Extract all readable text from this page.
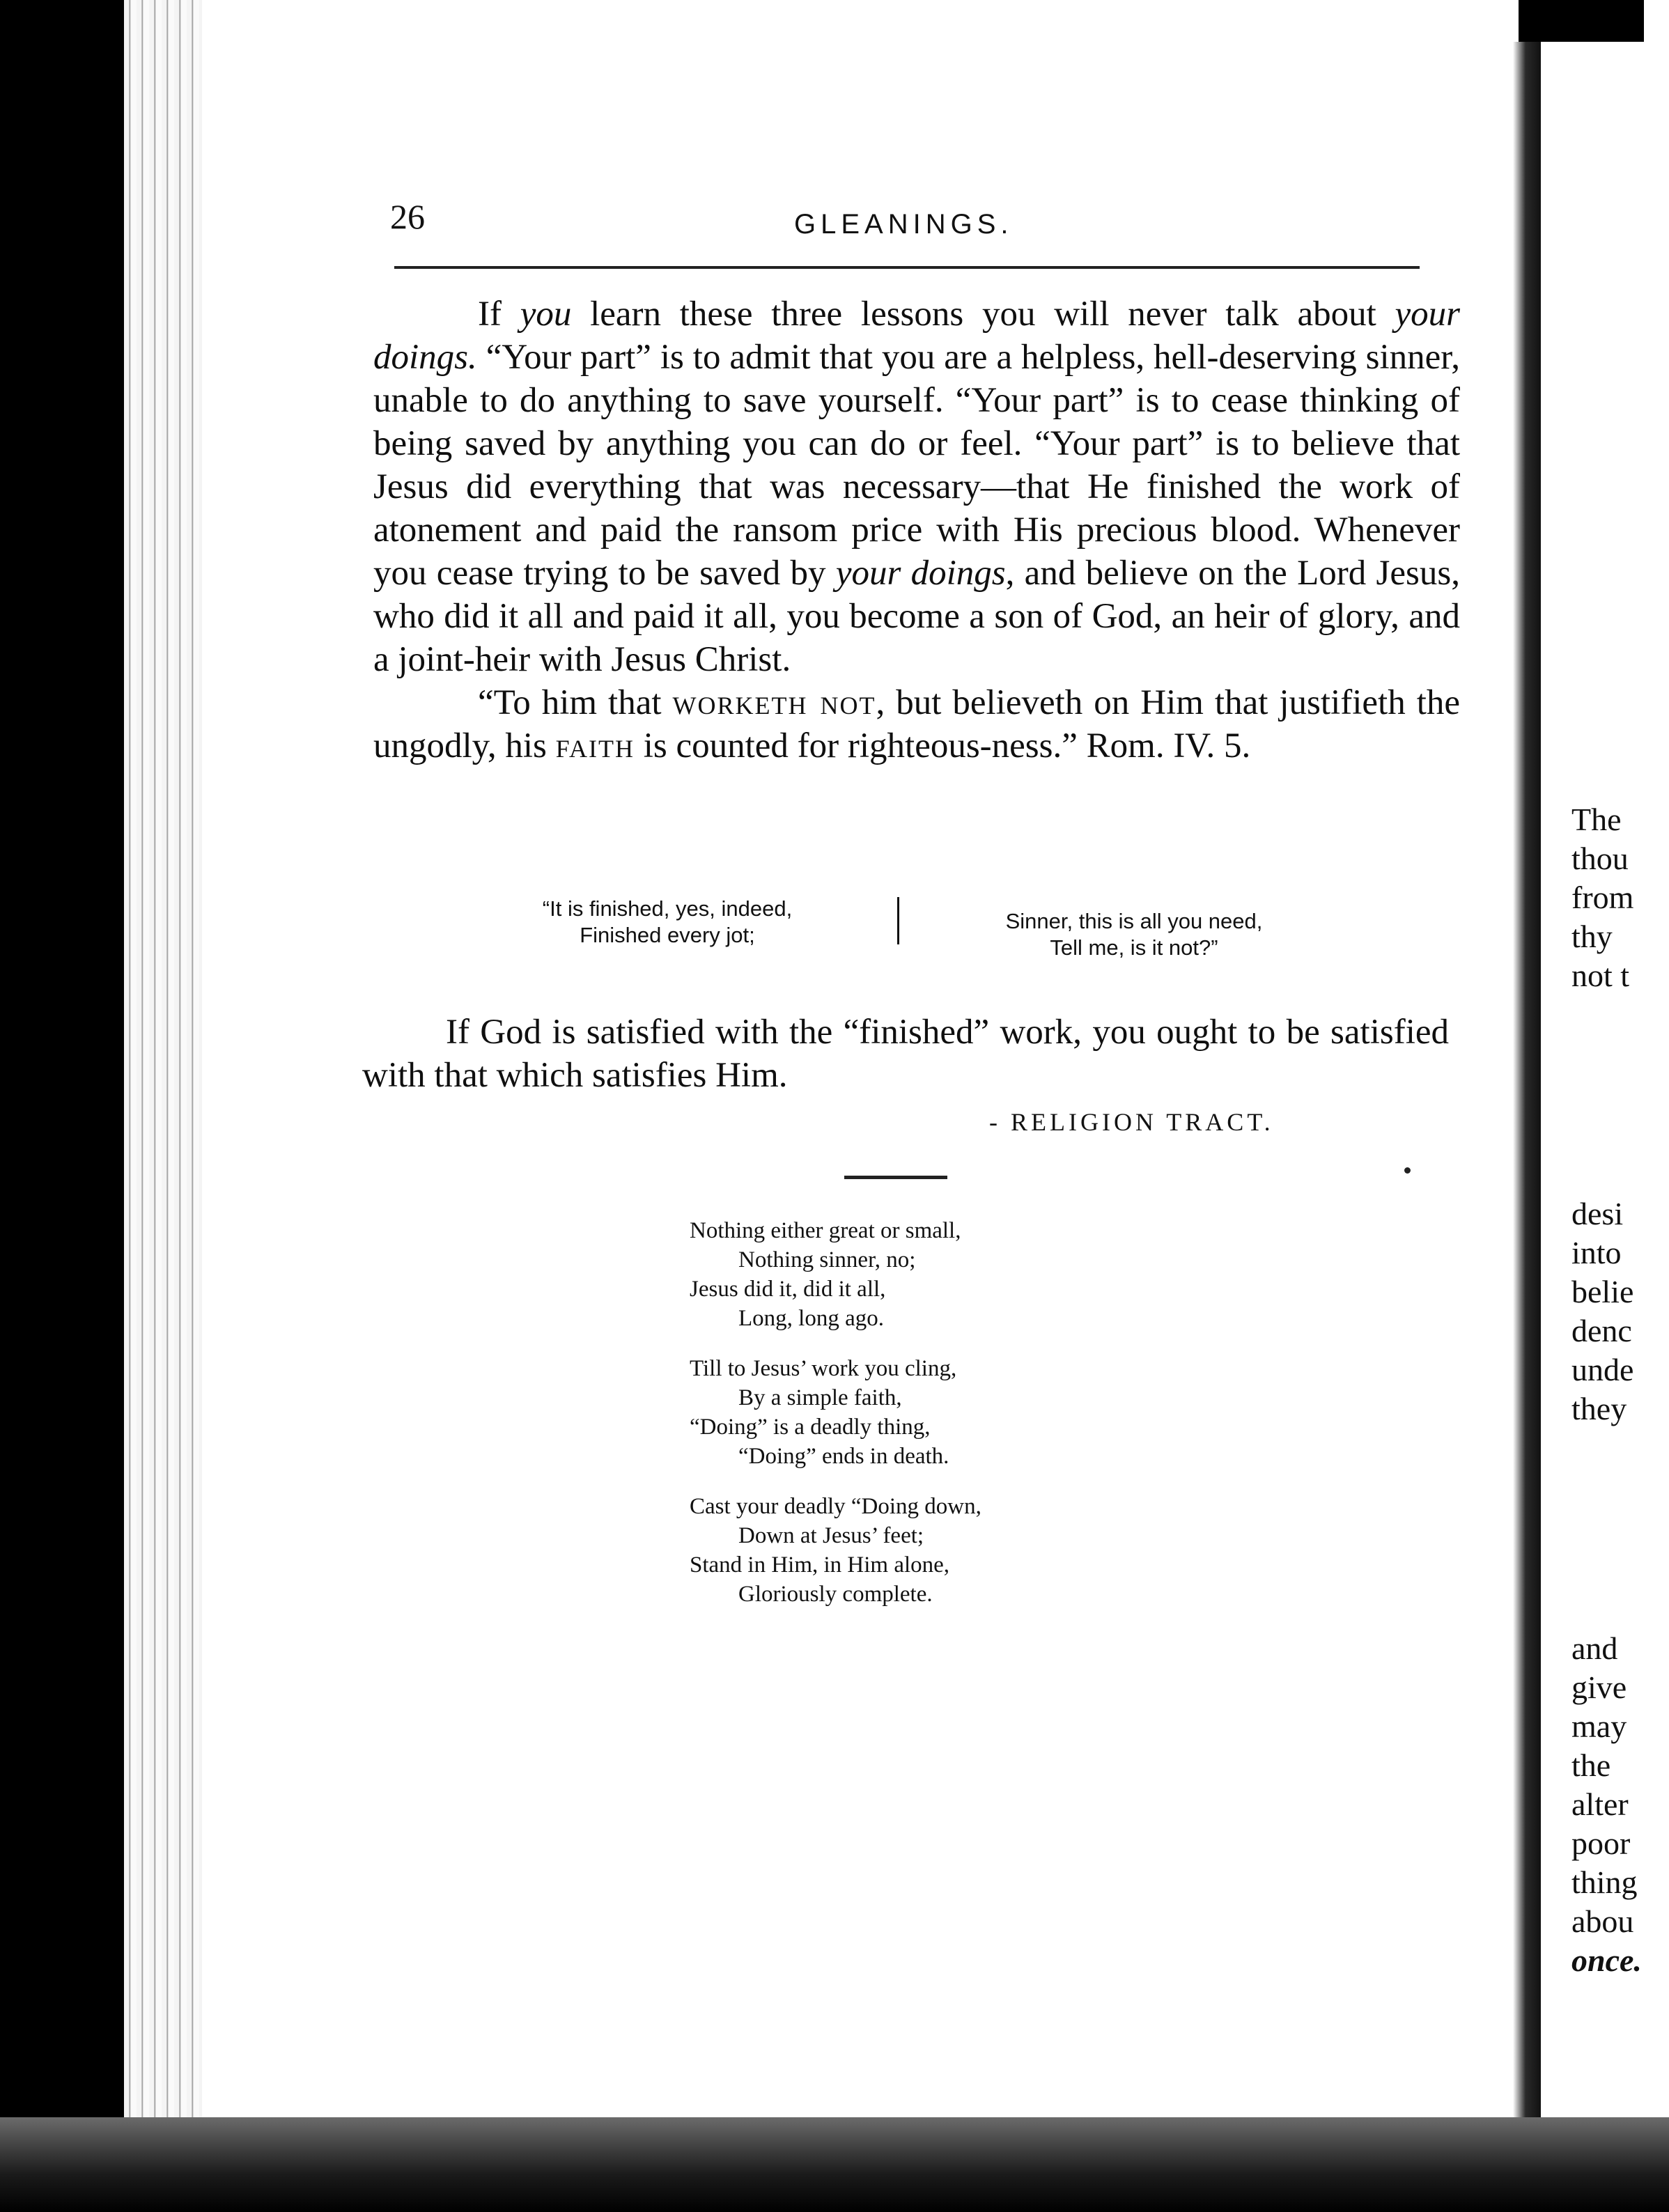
The
thou
from
thy
not t
desi
into
belie
denc
unde
they
and
give
may
the
alter
poor
thing
abou
once.
26	GLEANINGS.

If you learn these three lessons you will never talk about your doings. “Your part” is to admit that you are a helpless, hell-deserving sinner, unable to do anything to save yourself. “Your part” is to cease thinking of being saved by anything you can do or feel. “Your part” is to believe that Jesus did everything that was necessary—that He finished the work of atonement and paid the ransom price with His precious blood. Whenever you cease trying to be saved by your doings, and believe on the Lord Jesus, who did it all and paid it all, you become a son of God, an heir of glory, and a joint-heir with Jesus Christ.

“To him that worketh not, but believeth on Him that justifieth the ungodly, his faith is counted for righteous-ness.” Rom. IV. 5.

“It is finished, yes, indeed,
Finished every jot;
Sinner, this is all you need,
Tell me, is it not?”

If God is satisfied with the “finished” work, you ought to be satisfied with that which satisfies Him.

- RELIGION TRACT.
Nothing either great or small,
Nothing sinner, no;
Jesus did it, did it all,
Long, long ago.
Till to Jesus’ work you cling,
By a simple faith,
“Doing” is a deadly thing,
“Doing” ends in death.
Cast your deadly “Doing down,
Down at Jesus’ feet;
Stand in Him, in Him alone,
Gloriously complete.
